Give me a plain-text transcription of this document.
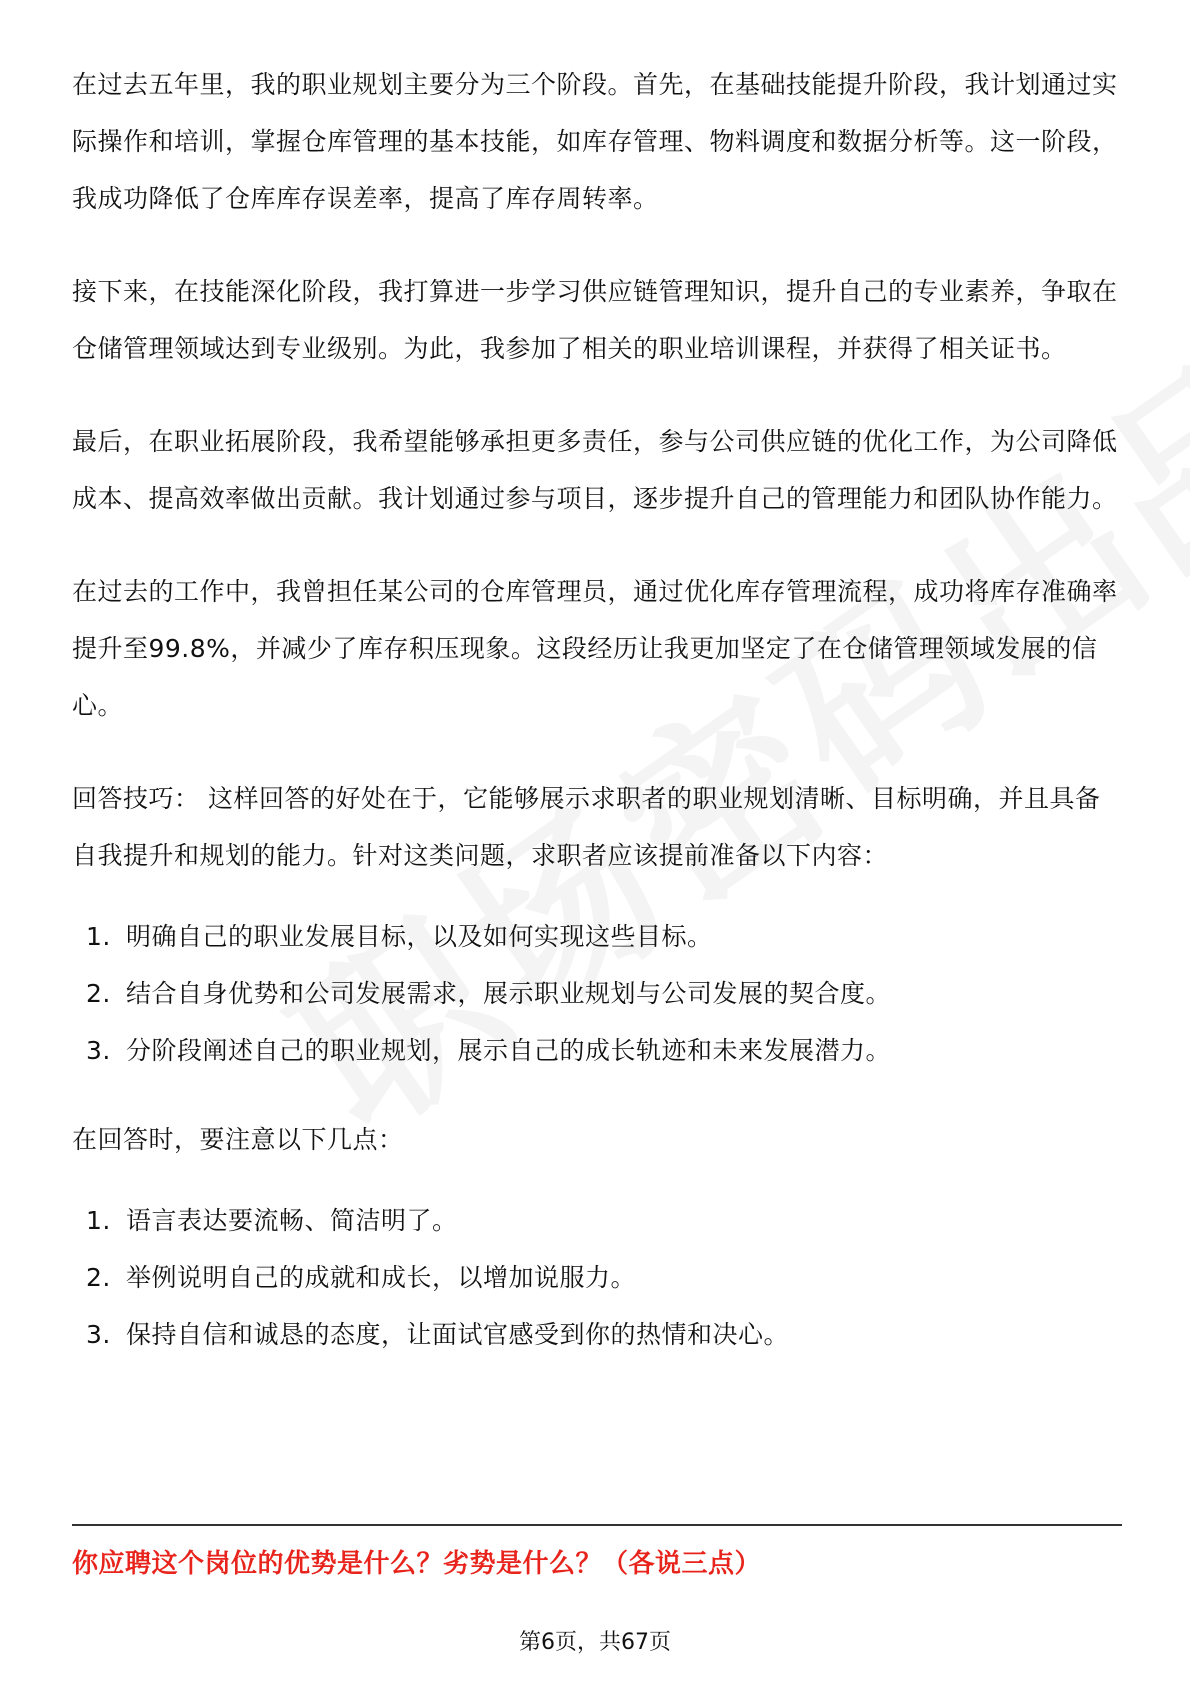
在过去五年里，我的职业规划主要分为三个阶段。首先，在基础技能提升阶段，我计划通过实际操作和培训，掌握仓库管理的基本技能，如库存管理、物料调度和数据分析等。这一阶段，我成功降低了仓库库存误差率，提高了库存周转率。

接下来，在技能深化阶段，我打算进一步学习供应链管理知识，提升自己的专业素养，争取在仓储管理领域达到专业级别。为此，我参加了相关的职业培训课程，并获得了相关证书。

最后，在职业拓展阶段，我希望能够承担更多责任，参与公司供应链的优化工作，为公司降低成本、提高效率做出贡献。我计划通过参与项目，逐步提升自己的管理能力和团队协作能力。

在过去的工作中，我曾担任某公司的仓库管理员，通过优化库存管理流程，成功将库存准确率提升至99.8%，并减少了库存积压现象。这段经历让我更加坚定了在仓储管理领域发展的信心。

回答技巧： 这样回答的好处在于，它能够展示求职者的职业规划清晰、目标明确，并且具备自我提升和规划的能力。针对这类问题，求职者应该提前准备以下内容：

1. 明确自己的职业发展目标，以及如何实现这些目标。
2. 结合自身优势和公司发展需求，展示职业规划与公司发展的契合度。
3. 分阶段阐述自己的职业规划，展示自己的成长轨迹和未来发展潜力。

在回答时，要注意以下几点：

1. 语言表达要流畅、简洁明了。
2. 举例说明自己的成就和成长，以增加说服力。
3. 保持自信和诚恳的态度，让面试官感受到你的热情和决心。
你应聘这个岗位的优势是什么？劣势是什么？（各说三点）
第6页，共67页
